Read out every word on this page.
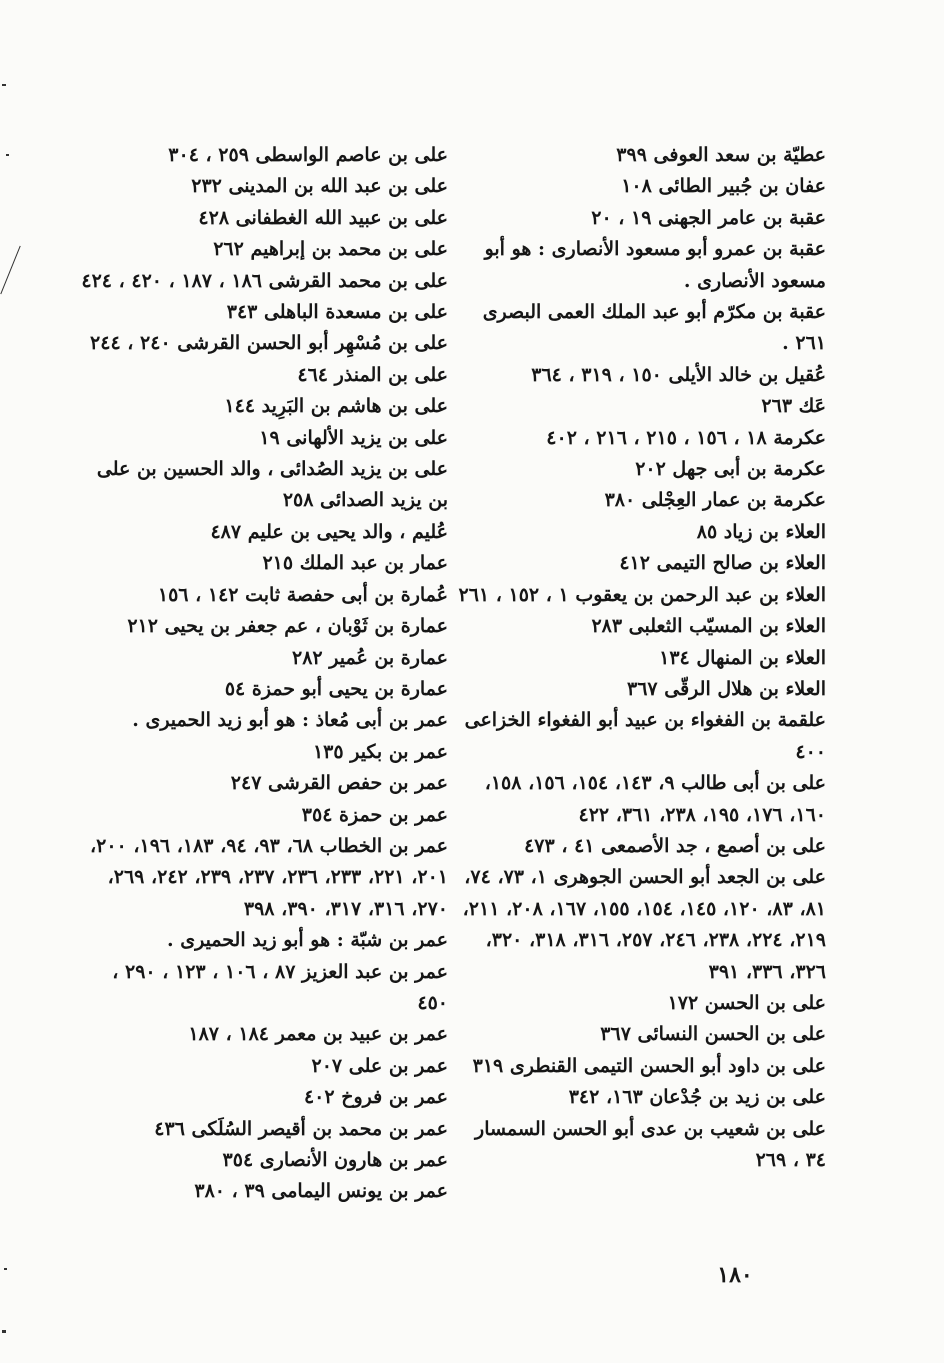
عطيّة بن سعد العوفى ٣٩٩

عفان بن جُبير الطائى ١٠٨

عقبة بن عامر الجهنى ١٩ ، ٢٠

عقبة بن عمرو أبو مسعود الأنصارى : هو أبو مسعود الأنصارى .

عقبة بن مكرّم أبو عبد الملك العمى البصرى ٢٦١ .

عُقيل بن خالد الأيلى ١٥٠ ، ٣١٩ ، ٣٦٤

عَك ٢٦٣

عكرمة ١٨ ، ١٥٦ ، ٢١٥ ، ٢١٦ ، ٤٠٢

عكرمة بن أبى جهل ٢٠٢

عكرمة بن عمار العِجْلى ٣٨٠

العلاء بن زياد ٨٥

العلاء بن صالح التيمى ٤١٢

العلاء بن عبد الرحمن بن يعقوب ١ ، ١٥٢ ، ٢٦١

العلاء بن المسيّب الثعلبى ٢٨٣

العلاء بن المنهال ١٣٤

العلاء بن هلال الرقّى ٣٦٧

علقمة بن الفغواء بن عبيد أبو الفغواء الخزاعى ٤٠٠

على بن أبى طالب ٩، ١٤٣، ١٥٤، ١٥٦، ١٥٨، ١٦٠، ١٧٦، ١٩٥، ٢٣٨، ٣٦١، ٤٢٢

على بن أصمع ، جد الأصمعى ٤١ ، ٤٧٣

على بن الجعد أبو الحسن الجوهرى ١، ٧٣، ٧٤، ٨١، ٨٣، ١٢٠، ١٤٥، ١٥٤، ١٥٥، ١٦٧، ٢٠٨، ٢١١، ٢١٩، ٢٢٤، ٢٣٨، ٢٤٦، ٢٥٧، ٣١٦، ٣١٨، ٣٢٠، ٣٢٦، ٣٣٦، ٣٩١

على بن الحسن ١٧٢

على بن الحسن النسائى ٣٦٧

على بن داود أبو الحسن التيمى القنطرى ٣١٩

على بن زيد بن جُدْعان ١٦٣، ٣٤٢

على بن شعيب بن عدى أبو الحسن السمسار ٣٤ ، ٢٦٩

على بن عاصم الواسطى ٢٥٩ ، ٣٠٤

على بن عبد الله بن المدينى ٢٣٢

على بن عبيد الله الغطفانى ٤٢٨

على بن محمد بن إبراهيم ٢٦٢

على بن محمد القرشى ١٨٦ ، ١٨٧ ، ٤٢٠ ، ٤٢٤

على بن مسعدة الباهلى ٣٤٣

على بن مُسْهِر أبو الحسن القرشى ٢٤٠ ، ٢٤٤

على بن المنذر ٤٦٤

على بن هاشم بن البَرِيد ١٤٤

على بن يزيد الألهانى ١٩

على بن يزيد الصُدائى ، والد الحسين بن على بن يزيد الصدائى ٢٥٨

عُليم ، والد يحيى بن عليم ٤٨٧

عمار بن عبد الملك ٢١٥

عُمارة بن أبى حفصة ثابت ١٤٢ ، ١٥٦

عمارة بن ثَوْبان ، عم جعفر بن يحيى ٢١٢

عمارة بن عُمير ٢٨٢

عمارة بن يحيى أبو حمزة ٥٤

عمر بن أبى مُعاذ : هو أبو زيد الحميرى .

عمر بن بكير ١٣٥

عمر بن حفص القرشى ٢٤٧

عمر بن حمزة ٣٥٤

عمر بن الخطاب ٦٨، ٩٣، ٩٤، ١٨٣، ١٩٦، ٢٠٠، ٢٠١، ٢٢١، ٢٣٣، ٢٣٦، ٢٣٧، ٢٣٩، ٢٤٢، ٢٦٩، ٢٧٠، ٣١٦، ٣١٧، ٣٩٠، ٣٩٨

عمر بن شبّة : هو أبو زيد الحميرى .

عمر بن عبد العزيز ٨٧ ، ١٠٦ ، ١٢٣ ، ٢٩٠ ، ٤٥٠

عمر بن عبيد بن معمر ١٨٤ ، ١٨٧

عمر بن على ٢٠٧

عمر بن فروخ ٤٠٢

عمر بن محمد بن أقيصر السُلَكى ٤٣٦

عمر بن هارون الأنصارى ٣٥٤

عمر بن يونس اليمامى ٣٩ ، ٣٨٠

١٨٠
